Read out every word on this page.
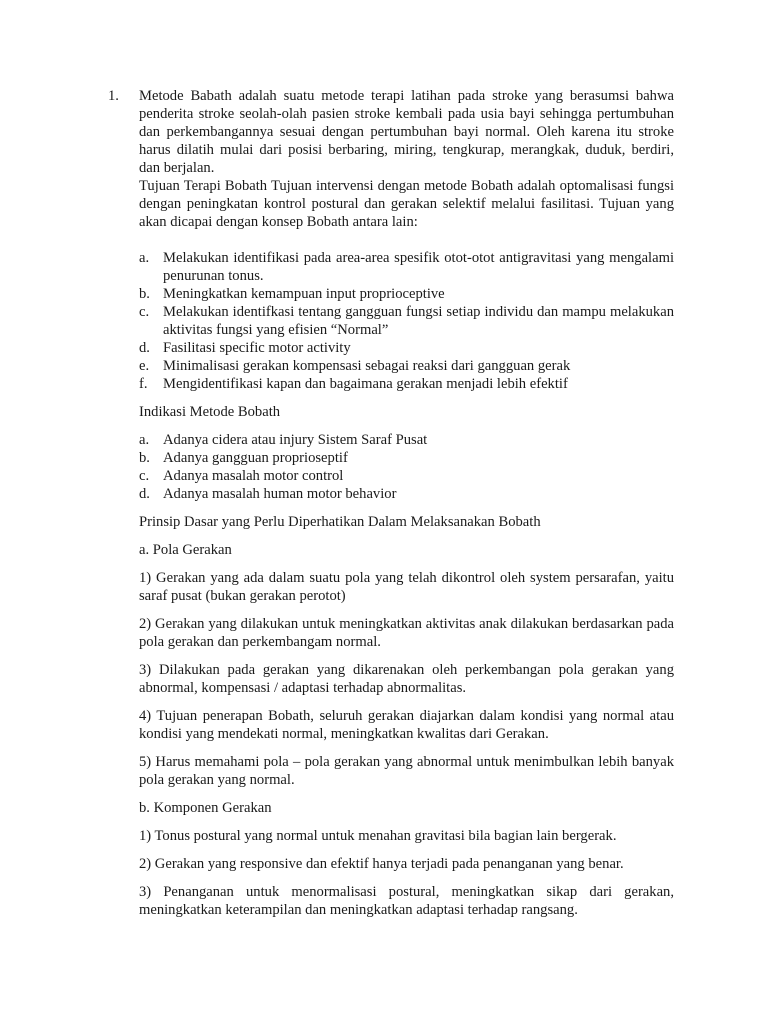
1. Metode Babath adalah suatu metode terapi latihan pada stroke yang berasumsi bahwa penderita stroke seolah-olah pasien stroke kembali pada usia bayi sehingga pertumbuhan dan perkembangannya sesuai dengan pertumbuhan bayi normal. Oleh karena itu stroke harus dilatih mulai dari posisi berbaring, miring, tengkurap, merangkak, duduk, berdiri, dan berjalan.

Tujuan Terapi Bobath Tujuan intervensi dengan metode Bobath adalah optomalisasi fungsi dengan peningkatan kontrol postural dan gerakan selektif melalui fasilitasi. Tujuan yang akan dicapai dengan konsep Bobath antara lain:

a. Melakukan identifikasi pada area-area spesifik otot-otot antigravitasi yang mengalami penurunan tonus.
b. Meningkatkan kemampuan input proprioceptive
c. Melakukan identifkasi tentang gangguan fungsi setiap individu dan mampu melakukan aktivitas fungsi yang efisien “Normal”
d. Fasilitasi specific motor activity
e. Minimalisasi gerakan kompensasi sebagai reaksi dari gangguan gerak
f. Mengidentifikasi kapan dan bagaimana gerakan menjadi lebih efektif

Indikasi Metode Bobath

a. Adanya cidera atau injury Sistem Saraf Pusat
b. Adanya gangguan proprioseptif
c. Adanya masalah motor control
d. Adanya masalah human motor behavior

Prinsip Dasar yang Perlu Diperhatikan Dalam Melaksanakan Bobath

a. Pola Gerakan

1) Gerakan yang ada dalam suatu pola yang telah dikontrol oleh system persarafan, yaitu saraf pusat (bukan gerakan perotot)

2) Gerakan yang dilakukan untuk meningkatkan aktivitas anak dilakukan berdasarkan pada pola gerakan dan perkembangam normal.

3) Dilakukan pada gerakan yang dikarenakan oleh perkembangan pola gerakan yang abnormal, kompensasi / adaptasi terhadap abnormalitas.

4) Tujuan penerapan Bobath, seluruh gerakan diajarkan dalam kondisi yang normal atau kondisi yang mendekati normal, meningkatkan kwalitas dari Gerakan.

5) Harus memahami pola – pola gerakan yang abnormal untuk menimbulkan lebih banyak pola gerakan yang normal.

b. Komponen Gerakan

1) Tonus postural yang normal untuk menahan gravitasi bila bagian lain bergerak.

2) Gerakan yang responsive dan efektif hanya terjadi pada penanganan yang benar.

3) Penanganan untuk menormalisasi postural, meningkatkan sikap dari gerakan, meningkatkan keterampilan dan meningkatkan adaptasi terhadap rangsang.
